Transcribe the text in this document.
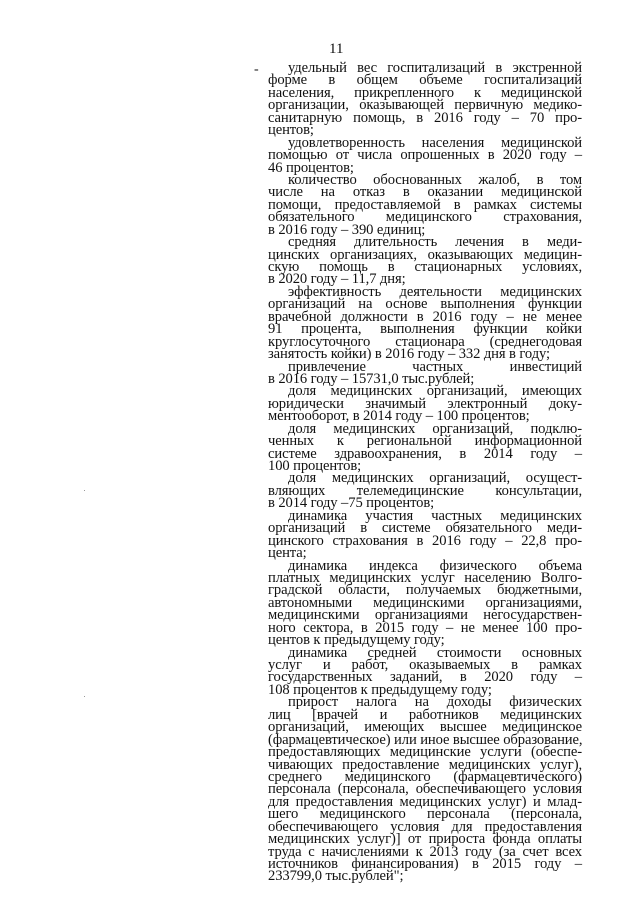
11
-	удельный вес госпитализаций в экстренной
форме в общем объеме госпитализаций
населения, прикрепленного к медицинской
организации, оказывающей первичную медико-
санитарную помощь, в 2016 году – 70 про-
центов;
удовлетворенность населения медицинской
помощью от числа опрошенных в 2020 году –
46 процентов;
количество обоснованных жалоб, в том
числе на отказ в оказании медицинской
помощи, предоставляемой в рамках системы
обязательного медицинского страхования,
в 2016 году – 390 единиц;
средняя длительность лечения в меди-
цинских организациях, оказывающих медицин-
скую помощь в стационарных условиях,
в 2020 году – 11,7 дня;
эффективность деятельности медицинских
организаций на основе выполнения функции
врачебной должности в 2016 году – не менее
91 процента, выполнения функции койки
круглосуточного стационара (среднегодовая
занятость койки) в 2016 году – 332 дня в году;
привлечение частных инвестиций
в 2016 году – 15731,0 тыс.рублей;
доля медицинских организаций, имеющих
юридически значимый электронный доку-
ментооборот, в 2014 году – 100 процентов;
доля медицинских организаций, подклю-
ченных к региональной информационной
системе здравоохранения, в 2014 году –
100 процентов;
доля медицинских организаций, осущест-
вляющих телемедицинские консультации,
в 2014 году –75 процентов;
динамика участия частных медицинских
организаций в системе обязательного меди-
цинского страхования в 2016 году – 22,8 про-
цента;
динамика индекса физического объема
платных медицинских услуг населению Волго-
градской области, получаемых бюджетными,
автономными медицинскими организациями,
медицинскими организациями негосударствен-
ного сектора, в 2015 году – не менее 100 про-
центов к предыдущему году;
динамика средней стоимости основных
услуг и работ, оказываемых в рамках
государственных заданий, в 2020 году –
108 процентов к предыдущему году;
прирост налога на доходы физических
лиц [врачей и работников медицинских
организаций, имеющих высшее медицинское
(фармацевтическое) или иное высшее образование,
предоставляющих медицинские услуги (обеспе-
чивающих предоставление медицинских услуг),
среднего медицинского (фармацевтического)
персонала (персонала, обеспечивающего условия
для предоставления медицинских услуг) и млад-
шего медицинского персонала (персонала,
обеспечивающего условия для предоставления
медицинских услуг)] от прироста фонда оплаты
труда с начислениями к 2013 году (за счет всех
источников финансирования) в 2015 году –
233799,0 тыс.рублей";
